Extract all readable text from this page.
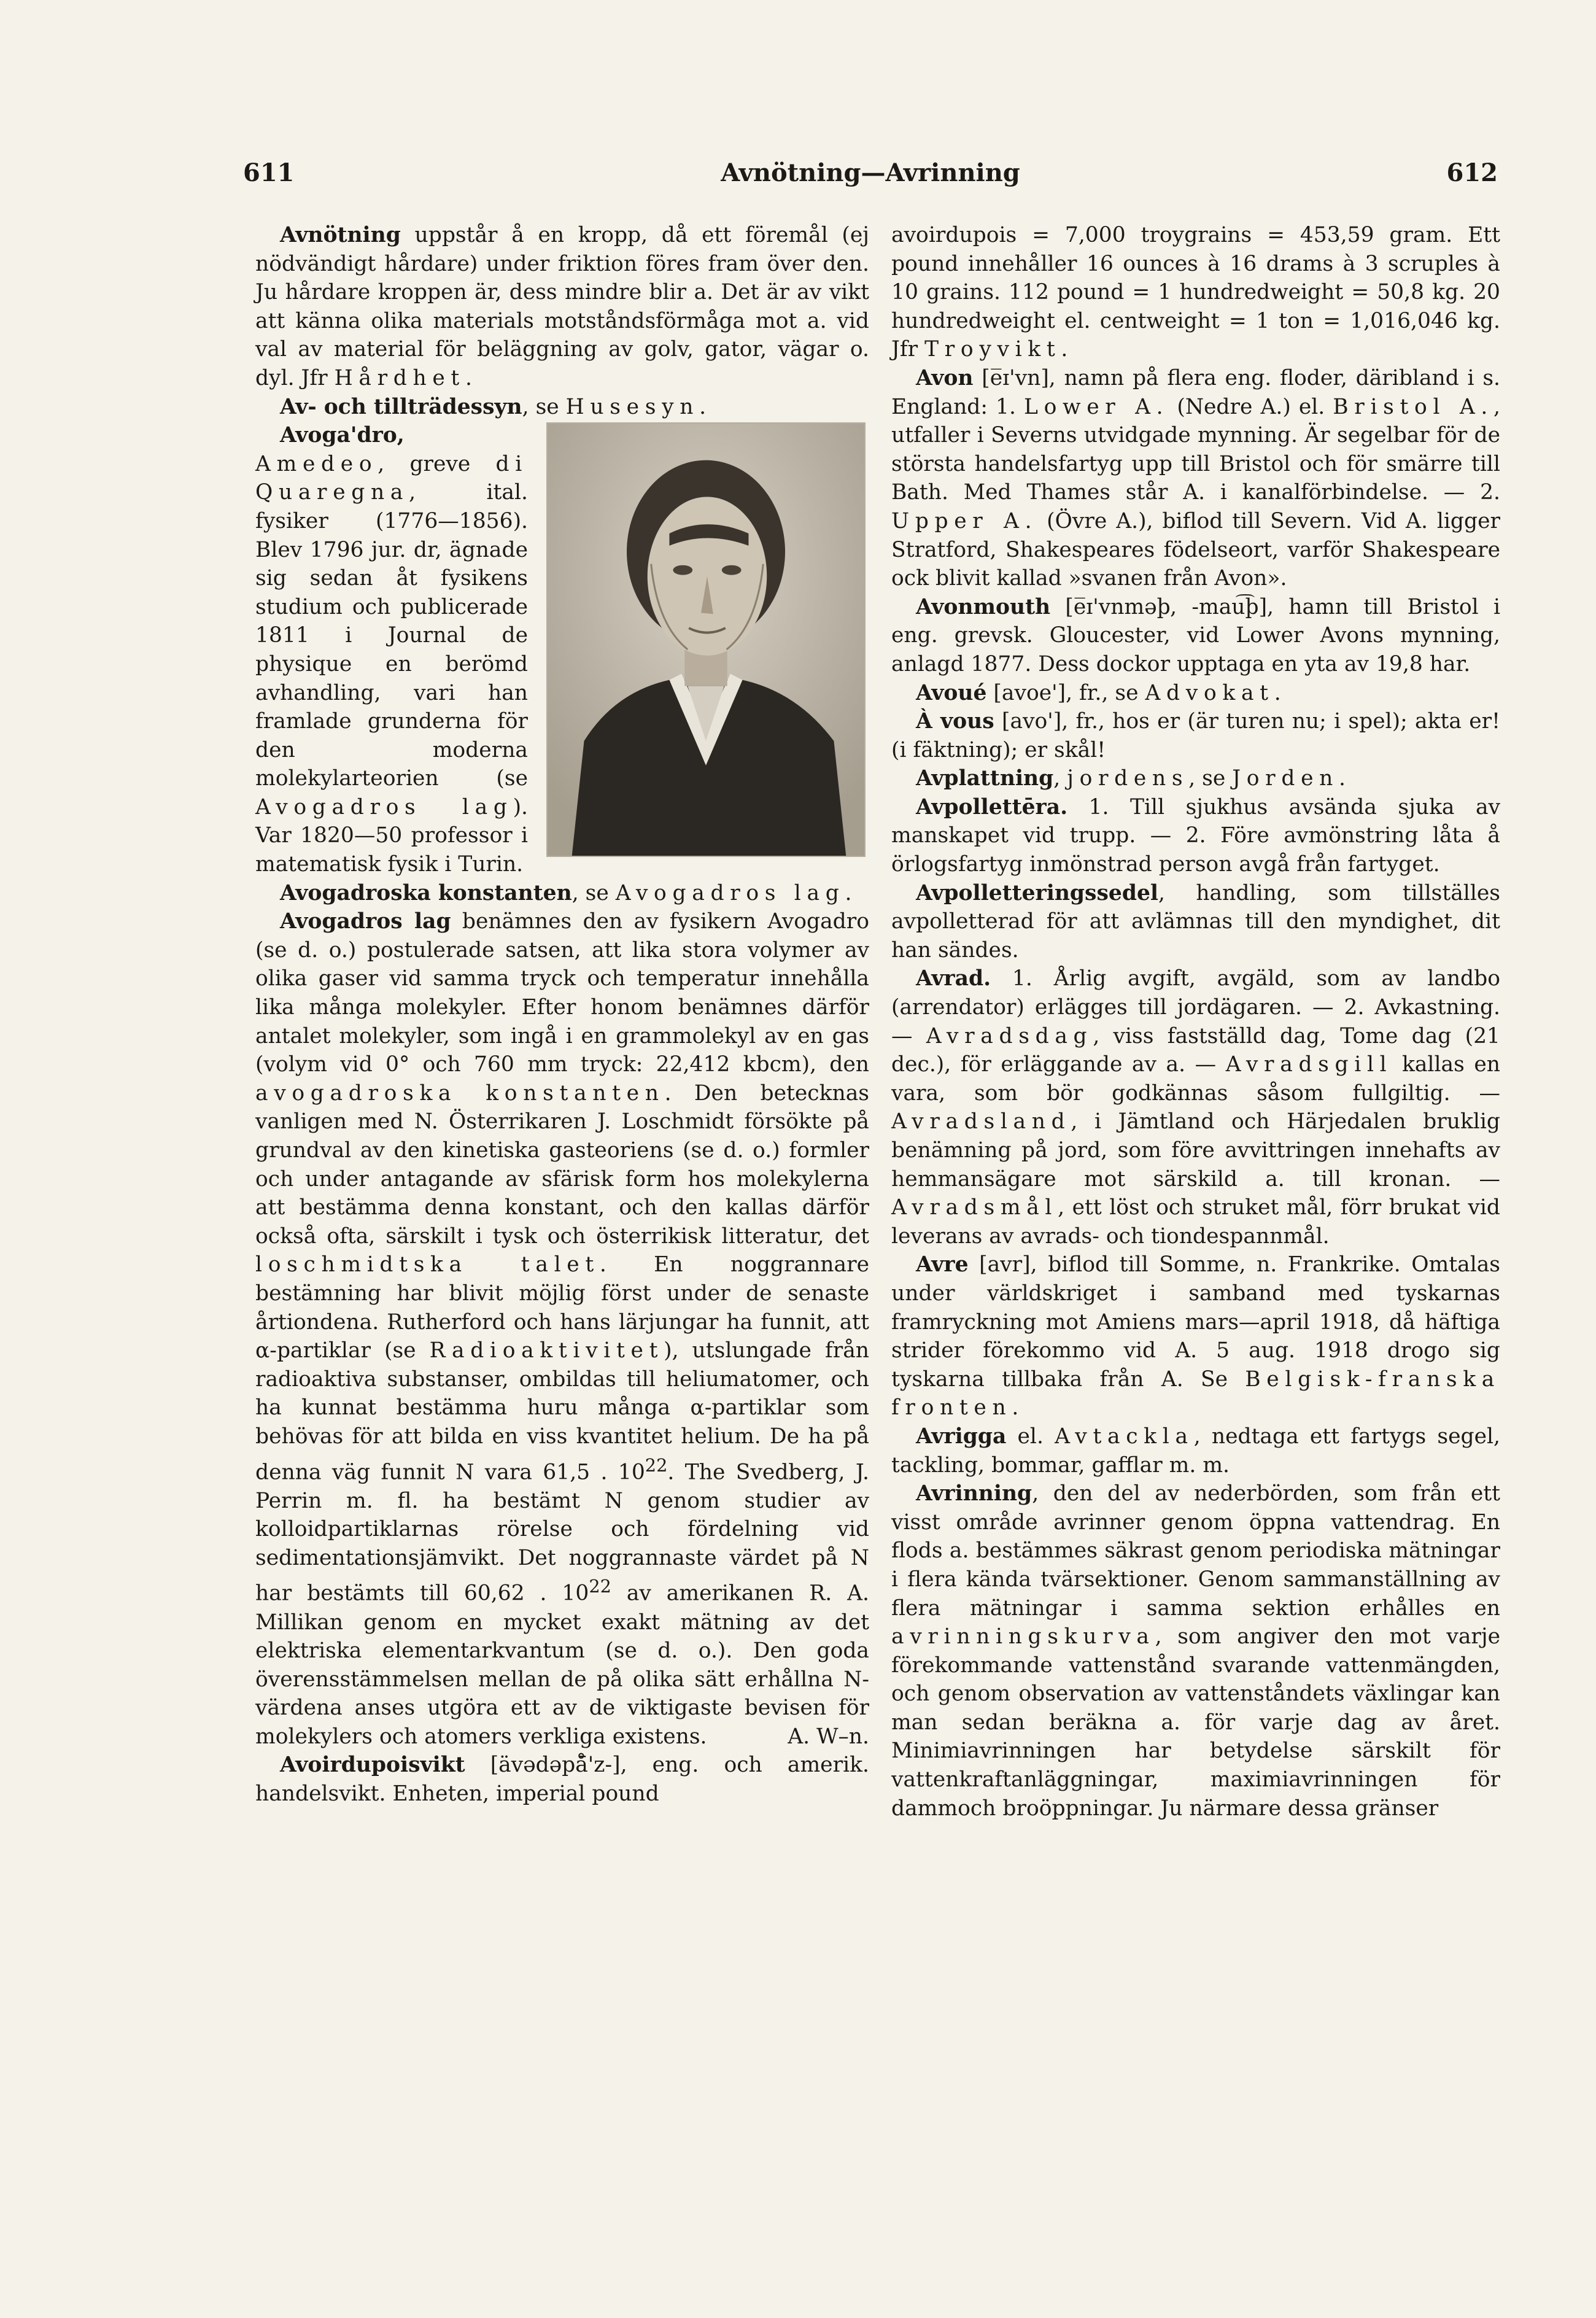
611	Avnötning—Avrinning	612

Avnötning uppstår å en kropp, då ett föremål (ej nödvändigt hårdare) under friktion föres fram över den. Ju hårdare kroppen är, dess mindre blir a. Det är av vikt att känna olika materials motståndsförmåga mot a. vid val av material för beläggning av golv, gator, vägar o. dyl. Jfr Hårdhet.

Av- och tillträdessyn, se Husesyn.

Avoga'dro, Amedeo, greve di Quaregna, ital. fysiker (1776—1856). Blev 1796 jur. dr, ägnade sig sedan åt fysikens studium och publicerade 1811 i Journal de physique en berömd avhandling, vari han framlade grunderna för den moderna molekylarteorien (se Avogadros lag). Var 1820—50 professor i matematisk fysik i Turin.

Avogadroska konstanten, se Avogadros lag.

Avogadros lag benämnes den av fysikern Avogadro (se d. o.) postulerade satsen, att lika stora volymer av olika gaser vid samma tryck och temperatur innehålla lika många molekyler. Efter honom benämnes därför antalet molekyler, som ingå i en grammolekyl av en gas (volym vid 0° och 760 mm tryck: 22,412 kbcm), den avogadroska konstanten. Den betecknas vanligen med N. Österrikaren J. Loschmidt försökte på grundval av den kinetiska gasteoriens (se d. o.) formler och under antagande av sfärisk form hos molekylerna att bestämma denna konstant, och den kallas därför också ofta, särskilt i tysk och österrikisk litteratur, det loschmidtska talet. En noggrannare bestämning har blivit möjlig först under de senaste årtiondena. Rutherford och hans lärjungar ha funnit, att α-partiklar (se Radioaktivitet), utslungade från radioaktiva substanser, ombildas till heliumatomer, och ha kunnat bestämma huru många α-partiklar som behövas för att bilda en viss kvantitet helium. De ha på denna väg funnit N vara 61,5 . $10^{22}$. The Svedberg, J. Perrin m. fl. ha bestämt N genom studier av kolloidpartiklarnas rörelse och fördelning vid sedimentationsjämvikt. Det noggrannaste värdet på N har bestämts till 60,62 . $10^{22}$ av amerikanen R. A. Millikan genom en mycket exakt mätning av det elektriska elementarkvantum (se d. o.). Den goda överensstämmelsen mellan de på olika sätt erhållna N-värdena anses utgöra ett av de viktigaste bevisen för molekylers och atomers verkliga existens.	A. W–n.

Avoirdupoisvikt [ävədəpå̄'z-], eng. och amerik. handelsvikt. Enheten, imperial pound

avoirdupois = 7,000 troygrains = 453,59 gram. Ett pound innehåller 16 ounces à 16 drams à 3 scruples à 10 grains. 112 pound = 1 hundredweight = 50,8 kg. 20 hundredweight el. centweight = 1 ton = 1,016,046 kg. Jfr Troyvikt.

Avon [e̅ɪ'vn], namn på flera eng. floder, däribland i s. England: 1. Lower A. (Nedre A.) el. Bristol A., utfaller i Severns utvidgade mynning. Är segelbar för de största handelsfartyg upp till Bristol och för smärre till Bath. Med Thames står A. i kanalförbindelse. — 2. Upper A. (Övre A.), biflod till Severn. Vid A. ligger Stratford, Shakespeares födelseort, varför Shakespeare ock blivit kallad »svanen från Avon».

Avonmouth [e̅ɪ'vnməþ, -mau͡þ], hamn till Bristol i eng. grevsk. Gloucester, vid Lower Avons mynning, anlagd 1877. Dess dockor upptaga en yta av 19,8 har.

Avoué [avoe'], fr., se Advokat.

À vous [avo'], fr., hos er (är turen nu; i spel); akta er! (i fäktning); er skål!

Avplattning, jordens, se Jorden.

Avpollettēra. 1. Till sjukhus avsända sjuka av manskapet vid trupp. — 2. Före avmönstring låta å örlogsfartyg inmönstrad person avgå från fartyget.

Avpolletteringssedel, handling, som tillställes avpolletterad för att avlämnas till den myndighet, dit han sändes.

Avrad. 1. Årlig avgift, avgäld, som av landbo (arrendator) erlägges till jordägaren. — 2. Avkastning. — Avradsdag, viss fastställd dag, Tome dag (21 dec.), för erläggande av a. — Avradsgill kallas en vara, som bör godkännas såsom fullgiltig. — Avradsland, i Jämtland och Härjedalen bruklig benämning på jord, som före avvittringen innehafts av hemmansägare mot särskild a. till kronan. — Avradsmål, ett löst och struket mål, förr brukat vid leverans av avrads- och tiondespannmål.

Avre [avr], biflod till Somme, n. Frankrike. Omtalas under världskriget i samband med tyskarnas framryckning mot Amiens mars—april 1918, då häftiga strider förekommo vid A. 5 aug. 1918 drogo sig tyskarna tillbaka från A. Se Belgisk-franska fronten.

Avrigga el. Avtackla, nedtaga ett fartygs segel, tackling, bommar, gafflar m. m.

Avrinning, den del av nederbörden, som från ett visst område avrinner genom öppna vattendrag. En flods a. bestämmes säkrast genom periodiska mätningar i flera kända tvärsektioner. Genom sammanställning av flera mätningar i samma sektion erhålles en avrinningskurva, som angiver den mot varje förekommande vattenstånd svarande vattenmängden, och genom observation av vattenståndets växlingar kan man sedan beräkna a. för varje dag av året. Minimiavrinningen har betydelse särskilt för vattenkraftanläggningar, maximiavrinningen för dammoch broöppningar. Ju närmare dessa gränser
